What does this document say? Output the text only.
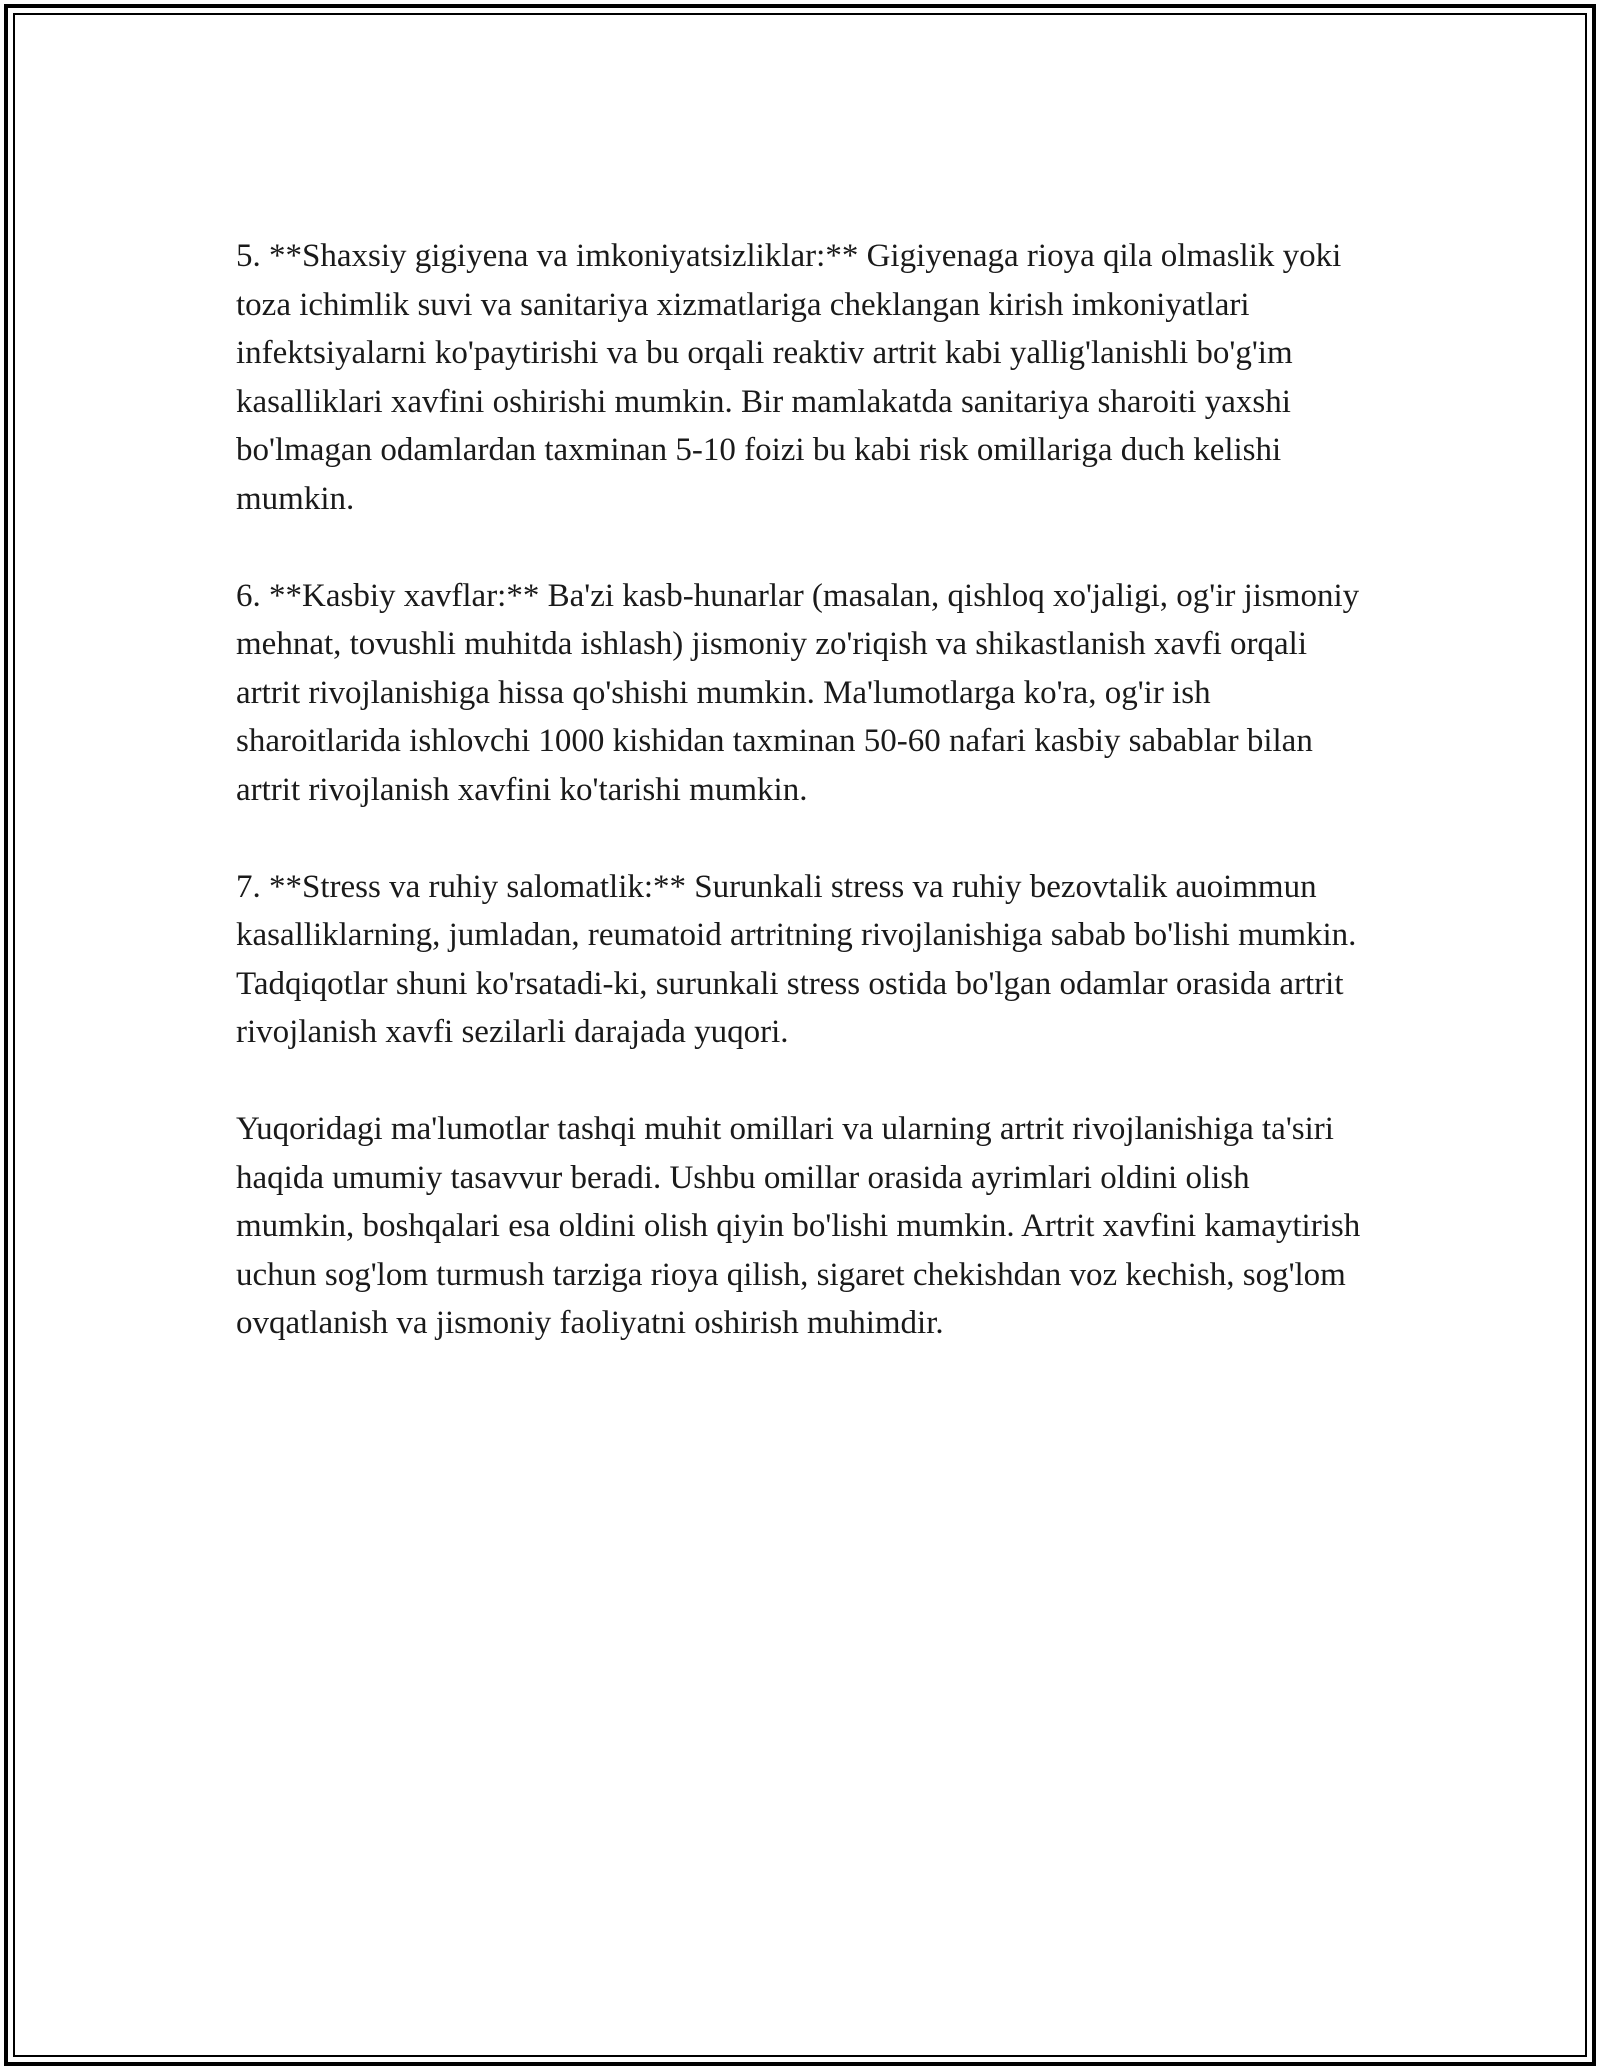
5. **Shaxsiy gigiyena va imkoniyatsizliklar:** Gigiyenaga rioya qila olmaslik yoki toza ichimlik suvi va sanitariya xizmatlariga cheklangan kirish imkoniyatlari infektsiyalarni ko'paytirishi va bu orqali reaktiv artrit kabi yallig'lanishli bo'g'im kasalliklari xavfini oshirishi mumkin. Bir mamlakatda sanitariya sharoiti yaxshi bo'lmagan odamlardan taxminan 5-10 foizi bu kabi risk omillariga duch kelishi mumkin.

6. **Kasbiy xavflar:** Ba'zi kasb-hunarlar (masalan, qishloq xo'jaligi, og'ir jismoniy mehnat, tovushli muhitda ishlash) jismoniy zo'riqish va shikastlanish xavfi orqali artrit rivojlanishiga hissa qo'shishi mumkin. Ma'lumotlarga ko'ra, og'ir ish sharoitlarida ishlovchi 1000 kishidan taxminan 50-60 nafari kasbiy sabablar bilan artrit rivojlanish xavfini ko'tarishi mumkin.

7. **Stress va ruhiy salomatlik:** Surunkali stress va ruhiy bezovtalik auoimmun kasalliklarning, jumladan, reumatoid artritning rivojlanishiga sabab bo'lishi mumkin. Tadqiqotlar shuni ko'rsatadi-ki, surunkali stress ostida bo'lgan odamlar orasida artrit rivojlanish xavfi sezilarli darajada yuqori.

Yuqoridagi ma'lumotlar tashqi muhit omillari va ularning artrit rivojlanishiga ta'siri haqida umumiy tasavvur beradi. Ushbu omillar orasida ayrimlari oldini olish mumkin, boshqalari esa oldini olish qiyin bo'lishi mumkin. Artrit xavfini kamaytirish uchun sog'lom turmush tarziga rioya qilish, sigaret chekishdan voz kechish, sog'lom ovqatlanish va jismoniy faoliyatni oshirish muhimdir.
